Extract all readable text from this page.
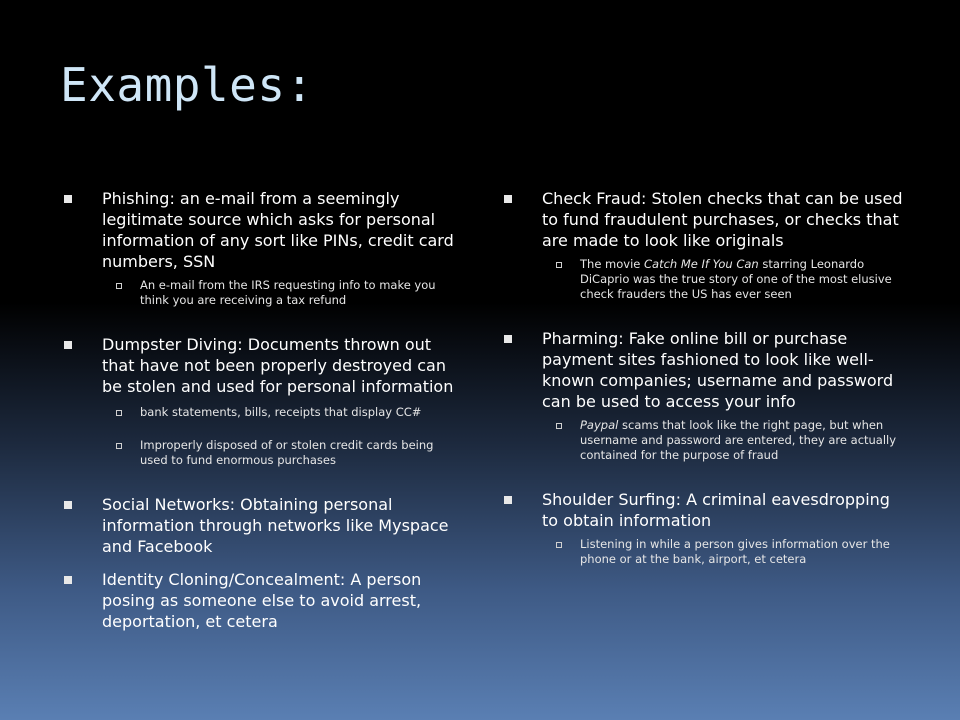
Examples:
Phishing: an e-mail from a seemingly legitimate source which asks for personal information of any sort like PINs, credit card numbers, SSN
An e-mail from the IRS requesting info to make you think you are receiving a tax refund
Dumpster Diving: Documents thrown out that have not been properly destroyed can be stolen and used for personal information
bank statements, bills, receipts that display CC#
Improperly disposed of or stolen credit cards being used to fund enormous purchases
Social Networks: Obtaining personal information through networks like Myspace and Facebook
Identity Cloning/Concealment: A person posing as someone else to avoid arrest, deportation, et cetera
Check Fraud: Stolen checks that can be used to fund fraudulent purchases, or checks that are made to look like originals
The movie Catch Me If You Can starring Leonardo DiCaprio was the true story of one of the most elusive check frauders the US has ever seen
Pharming: Fake online bill or purchase payment sites fashioned to look like well-known companies; username and password can be used to access your info
Paypal scams that look like the right page, but when username and password are entered, they are actually contained for the purpose of fraud
Shoulder Surfing: A criminal eavesdropping to obtain information
Listening in while a person gives information over the phone or at the bank, airport, et cetera
